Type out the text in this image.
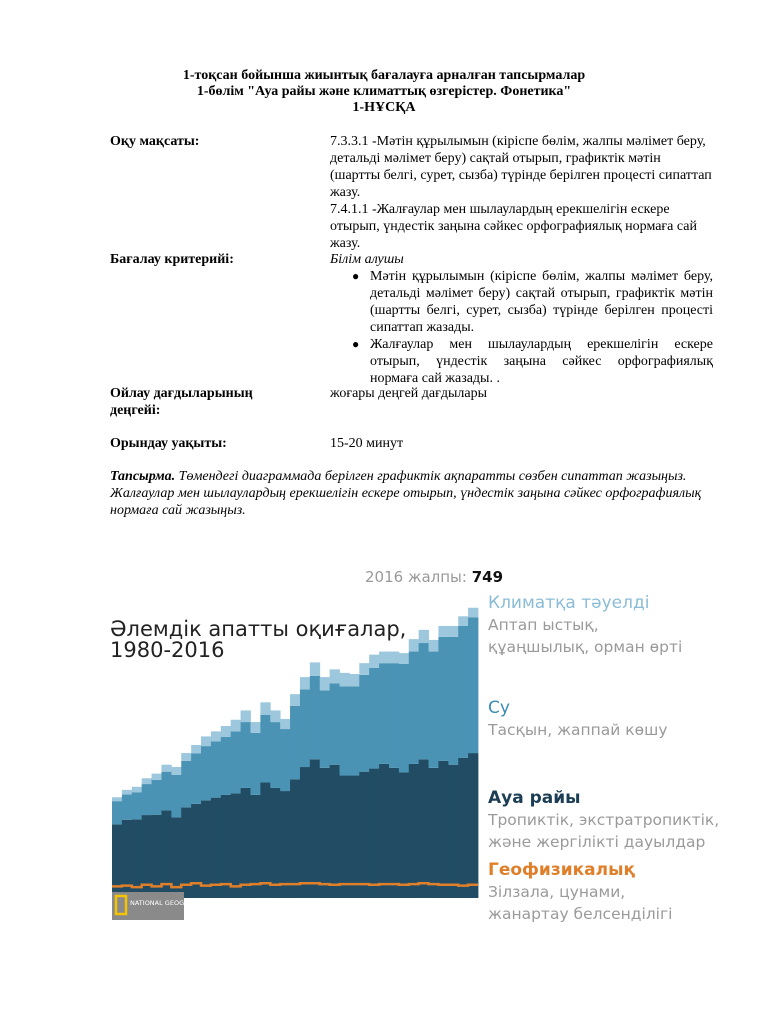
1-тоқсан бойынша жиынтық бағалауға арналған тапсырмалар
1-бөлім "Ауа райы және климаттық өзгерістер. Фонетика"
1-НҰСҚА
Оқу мақсаты:	7.3.3.1 -Мәтін құрылымын (кіріспе бөлім, жалпы мәлімет беру, детальді мәлімет беру) сақтай отырып, графиктік мәтін (шартты белгі, сурет, сызба) түрінде берілген процесті сипаттап жазу.
7.4.1.1 -Жалғаулар мен шылаулардың ерекшелігін ескере отырып, үндестік заңына сәйкес орфографиялық нормаға сай жазу.
Бағалау критерийі:	Білім алушы
● Мәтін құрылымын (кіріспе бөлім, жалпы мәлімет беру, детальді мәлімет беру) сақтай отырып, графиктік мәтін (шартты белгі, сурет, сызба) түрінде берілген процесті сипаттап жазады.
● Жалғаулар мен шылаулардың ерекшелігін ескере отырып, үндестік заңына сәйкес орфографиялық нормаға сай жазады. .
Ойлау дағдыларының деңгейі:
жоғары деңгей дағдылары
Орындау уақыты:	15-20 минут
Тапсырма. Төмендегі диаграммада берілген графиктік ақпаратты сөзбен сипаттап жазыңыз. Жалғаулар мен шылаулардың ерекшелігін ескере отырып, үндестік заңына сәйкес орфографиялық нормаға сай жазыңыз.
Әлемдік апатты оқиғалар,
1980-2016
2016 жалпы: 749
Климатқа тәуелді
Аптап ыстық,
құаңшылық, орман өрті
Су
Тасқын, жаппай көшу
Ауа райы
Тропиктік, экстратропиктік,
және жергілікті дауылдар
Геофизикалық
Зілзала, цунами,
жанартау белсенділігі
NATIONAL GEOGRAPHIC
